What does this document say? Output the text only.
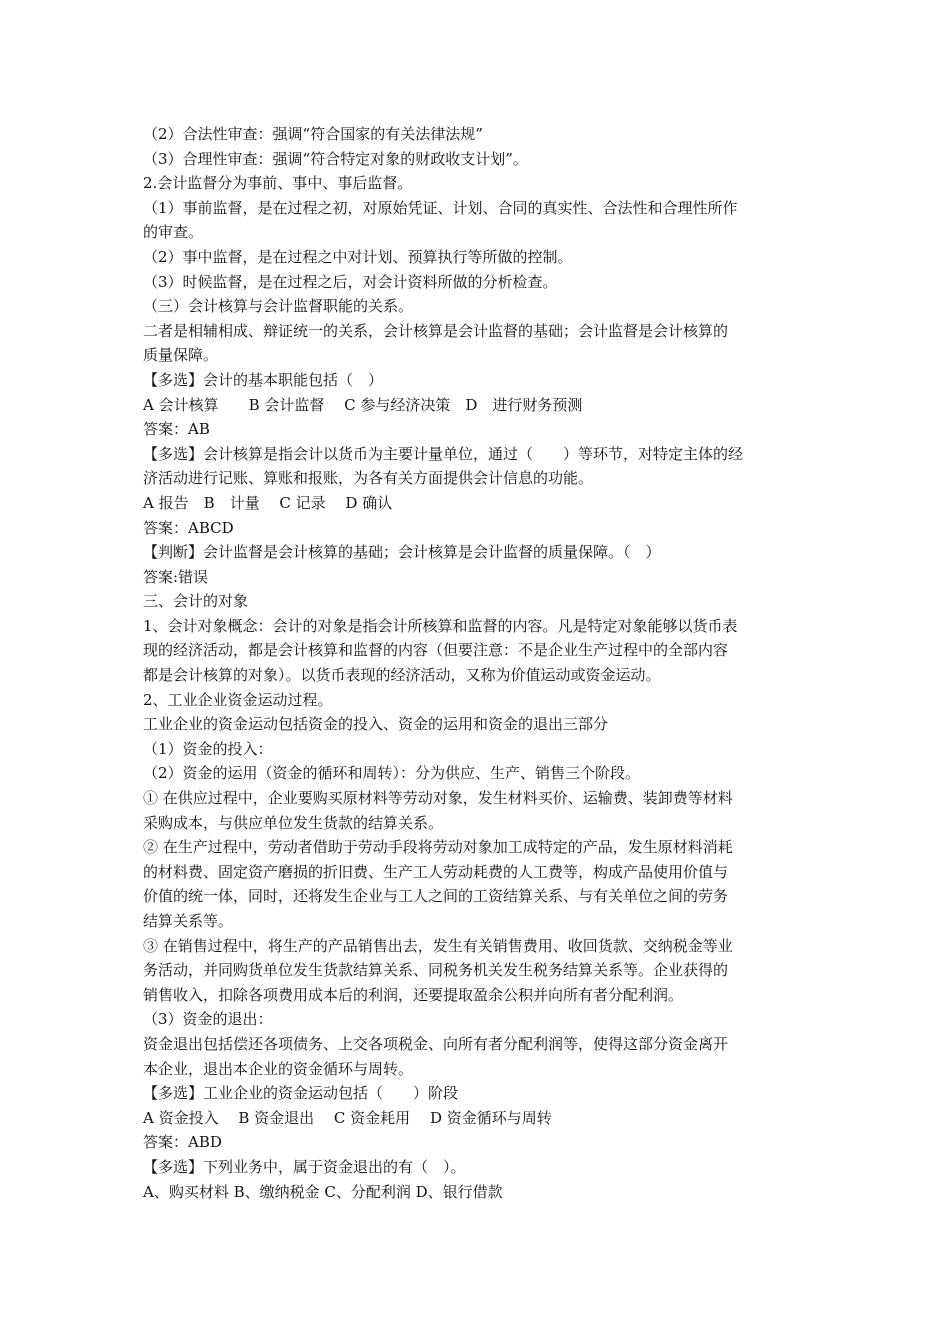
（2）合法性审查：强调“符合国家的有关法律法规”
（3）合理性审查：强调“符合特定对象的财政收支计划”。
2.会计监督分为事前、事中、事后监督。
（1）事前监督，是在过程之初，对原始凭证、计划、合同的真实性、合法性和合理性所作
的审查。
（2）事中监督，是在过程之中对计划、预算执行等所做的控制。
（3）时候监督，是在过程之后，对会计资料所做的分析检查。
（三）会计核算与会计监督职能的关系。
二者是相辅相成、辩证统一的关系，会计核算是会计监督的基础；会计监督是会计核算的
质量保障。
【多选】会计的基本职能包括（　）
A 会计核算　　B 会计监督　 C 参与经济决策　D　进行财务预测
答案：AB
【多选】会计核算是指会计以货币为主要计量单位，通过（　　）等环节，对特定主体的经
济活动进行记账、算账和报账，为各有关方面提供会计信息的功能。
A 报告　B　计量　 C 记录　 D 确认
答案：ABCD
【判断】会计监督是会计核算的基础；会计核算是会计监督的质量保障。（　）
答案:错误
三、会计的对象
1、会计对象概念：会计的对象是指会计所核算和监督的内容。凡是特定对象能够以货币表
现的经济活动，都是会计核算和监督的内容（但要注意：不是企业生产过程中的全部内容
都是会计核算的对象）。以货币表现的经济活动，又称为价值运动或资金运动。
2、工业企业资金运动过程。
工业企业的资金运动包括资金的投入、资金的运用和资金的退出三部分
（1）资金的投入：
（2）资金的运用（资金的循环和周转）：分为供应、生产、销售三个阶段。
① 在供应过程中，企业要购买原材料等劳动对象，发生材料买价、运输费、装卸费等材料
采购成本，与供应单位发生货款的结算关系。
② 在生产过程中，劳动者借助于劳动手段将劳动对象加工成特定的产品，发生原材料消耗
的材料费、固定资产磨损的折旧费、生产工人劳动耗费的人工费等，构成产品使用价值与
价值的统一体，同时，还将发生企业与工人之间的工资结算关系、与有关单位之间的劳务
结算关系等。
③ 在销售过程中，将生产的产品销售出去，发生有关销售费用、收回货款、交纳税金等业
务活动，并同购货单位发生货款结算关系、同税务机关发生税务结算关系等。企业获得的
销售收入，扣除各项费用成本后的利润，还要提取盈余公积并向所有者分配利润。
（3）资金的退出：
资金退出包括偿还各项债务、上交各项税金、向所有者分配利润等，使得这部分资金离开
本企业，退出本企业的资金循环与周转。
【多选】工业企业的资金运动包括（　　）阶段
A 资金投入　 B 资金退出　 C 资金耗用　 D 资金循环与周转
答案：ABD
【多选】下列业务中，属于资金退出的有（　）。
A、购买材料 B、缴纳税金 C、分配利润 D、银行借款
